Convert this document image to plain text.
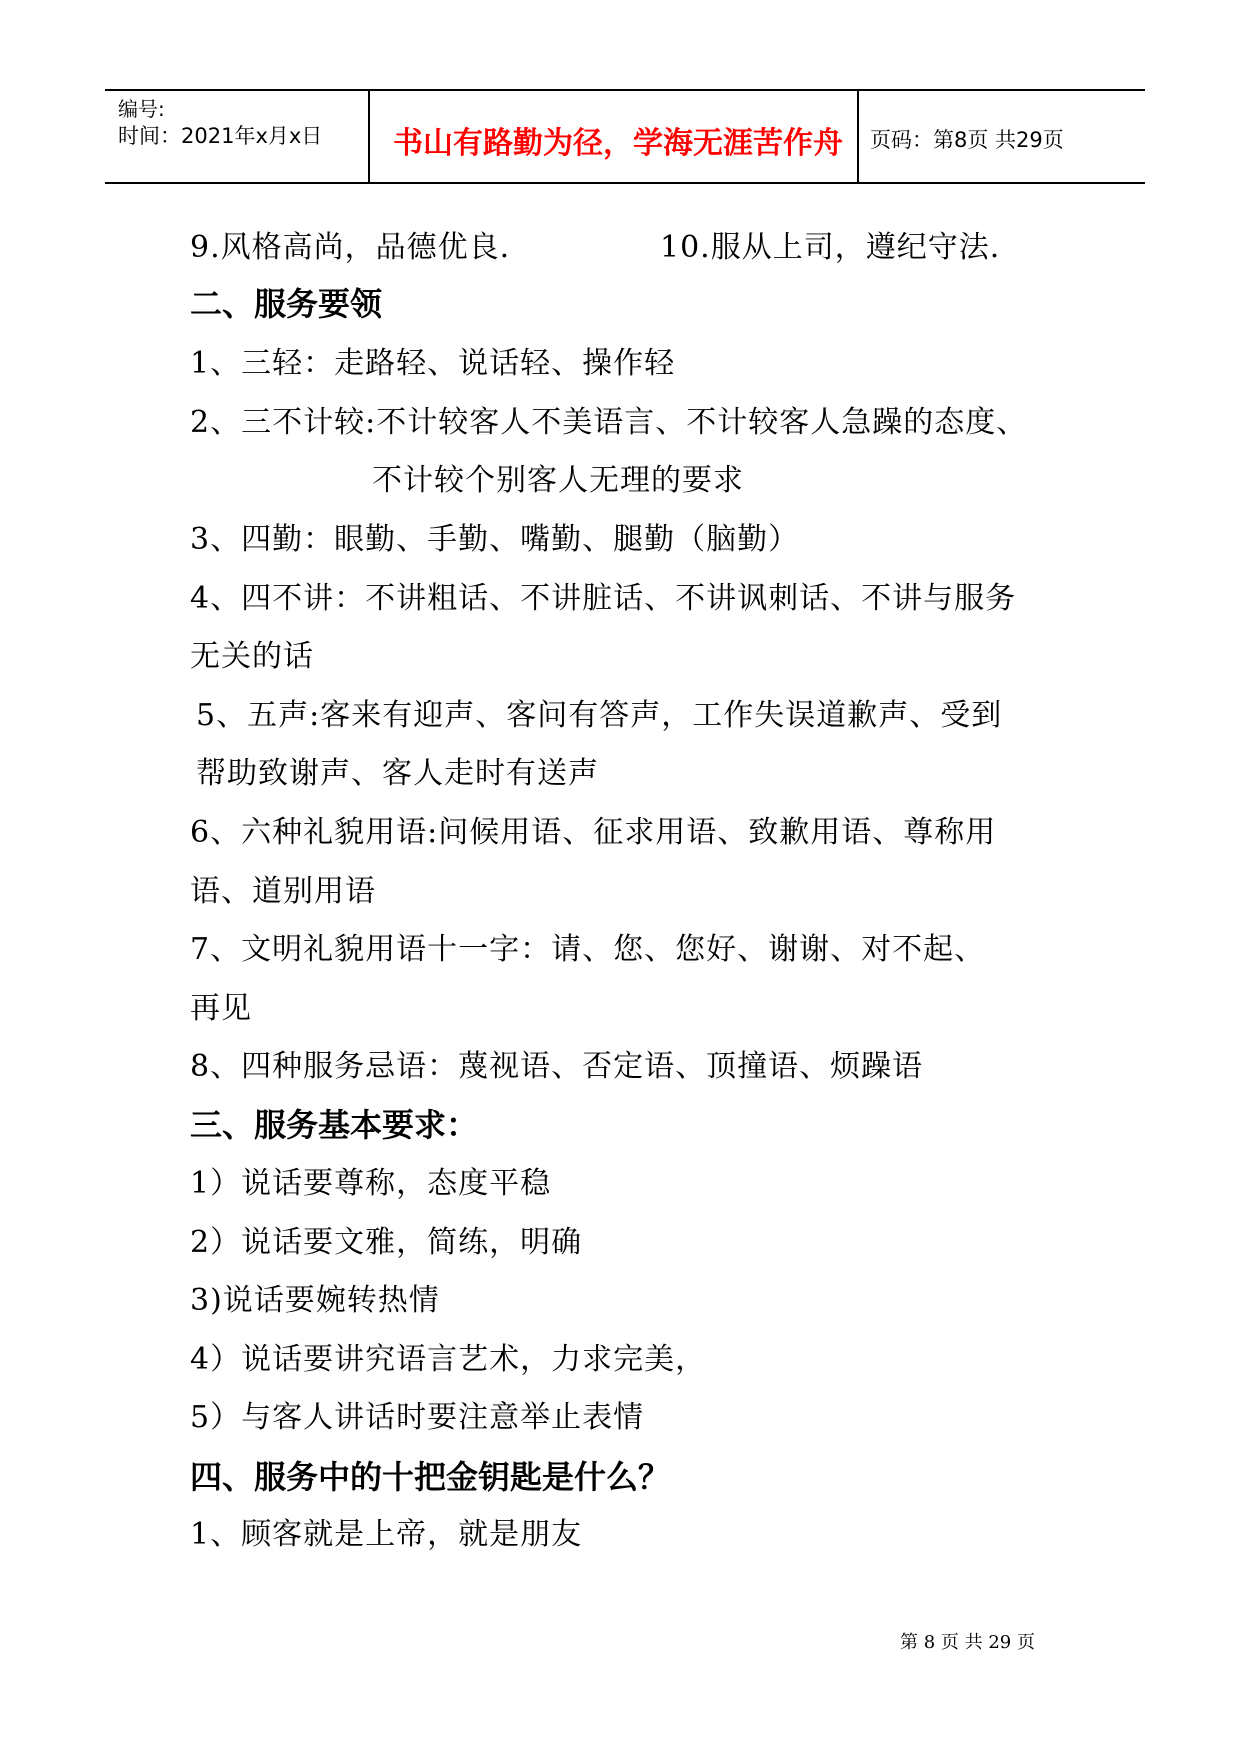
编号:
时间：2021年x月x日 书山有路勤为径，学海无涯苦作舟 页码：第8页 共29页
9.风格高尚，品德优良.	10.服从上司，遵纪守法.
二、服务要领
1、三轻：走路轻、说话轻、操作轻
2、三不计较:不计较客人不美语言、不计较客人急躁的态度、
不计较个别客人无理的要求
3、四勤：眼勤、手勤、嘴勤、腿勤（脑勤）
4、四不讲：不讲粗话、不讲脏话、不讲讽刺话、不讲与服务
无关的话
5、五声:客来有迎声、客问有答声，工作失误道歉声、受到
帮助致谢声、客人走时有送声
6、六种礼貌用语:问候用语、征求用语、致歉用语、尊称用
语、道别用语
7、文明礼貌用语十一字：请、您、您好、谢谢、对不起、
再见
8、四种服务忌语：蔑视语、否定语、顶撞语、烦躁语
三、服务基本要求：
1）说话要尊称，态度平稳
2）说话要文雅，简练，明确
3)说话要婉转热情
4）说话要讲究语言艺术，力求完美，
5）与客人讲话时要注意举止表情
四、服务中的十把金钥匙是什么？
1、顾客就是上帝，就是朋友
第 8 页 共 29 页
